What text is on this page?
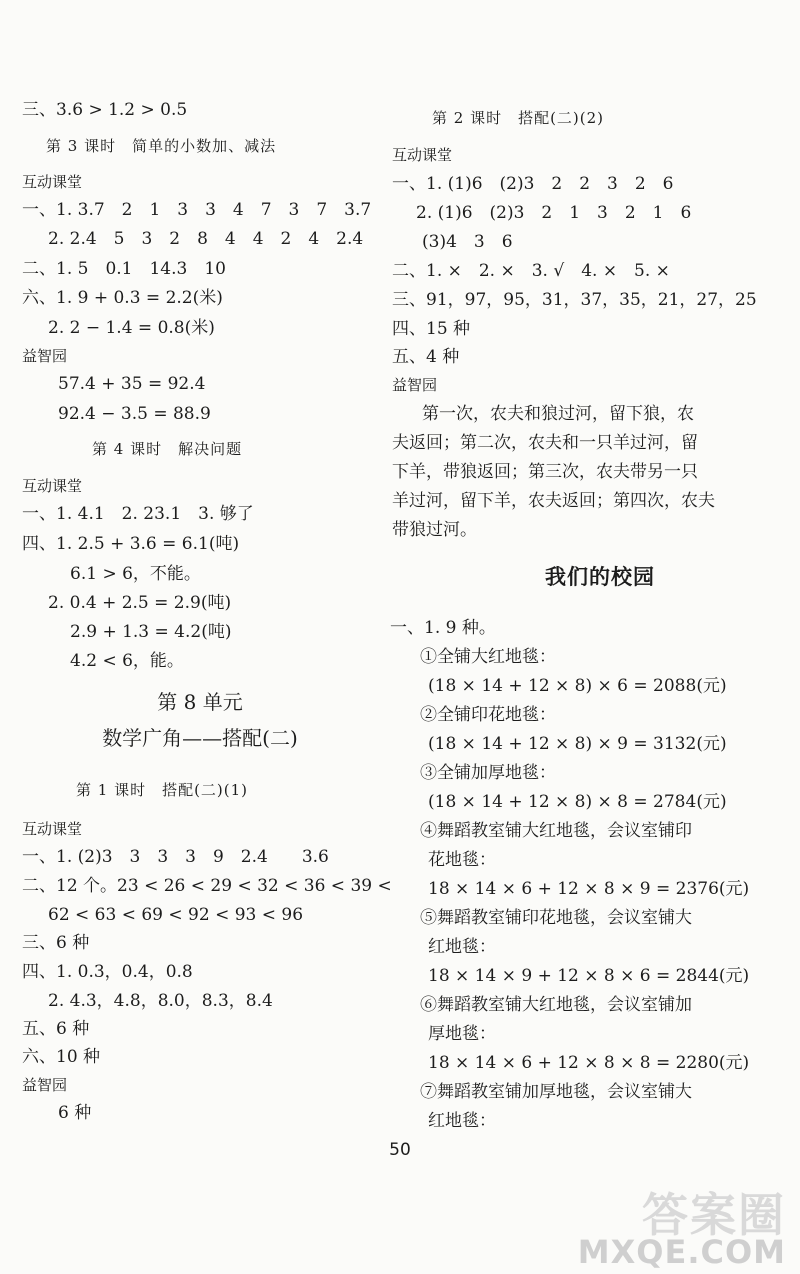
三、3.6 > 1.2 > 0.5
第 3 课时　简单的小数加、减法
互动课堂
一、1. 3.7　2　1　3　3　4　7　3　7　3.7
2. 2.4　5　3　2　8　4　4　2　4　2.4
二、1. 5　0.1　14.3　10
六、1. 9 + 0.3 = 2.2(米)
2. 2 − 1.4 = 0.8(米)
益智园
57.4 + 35 = 92.4
92.4 − 3.5 = 88.9
第 4 课时　解决问题
互动课堂
一、1. 4.1　2. 23.1　3. 够了
四、1. 2.5 + 3.6 = 6.1(吨)
6.1 > 6，不能。
2. 0.4 + 2.5 = 2.9(吨)
2.9 + 1.3 = 4.2(吨)
4.2 < 6，能。
第 8 单元
数学广角——搭配(二)
第 1 课时　搭配(二)(1)
互动课堂
一、1. (2)3　3　3　3　9　2.4　　3.6
二、12 个。23 < 26 < 29 < 32 < 36 < 39 <
62 < 63 < 69 < 92 < 93 < 96
三、6 种
四、1. 0.3，0.4，0.8
2. 4.3，4.8，8.0，8.3，8.4
五、6 种
六、10 种
益智园
6 种
第 2 课时　搭配(二)(2)
互动课堂
一、1. (1)6　(2)3　2　2　3　2　6
2. (1)6　(2)3　2　1　3　2　1　6
(3)4　3　6
二、1. ×　2. ×　3. √　4. ×　5. ×
三、91，97，95，31，37，35，21，27，25
四、15 种
五、4 种
益智园
第一次，农夫和狼过河，留下狼，农
夫返回；第二次，农夫和一只羊过河，留
下羊，带狼返回；第三次，农夫带另一只
羊过河，留下羊，农夫返回；第四次，农夫
带狼过河。
我们的校园
一、1. 9 种。
①全铺大红地毯：
(18 × 14 + 12 × 8) × 6 = 2088(元)
②全铺印花地毯：
(18 × 14 + 12 × 8) × 9 = 3132(元)
③全铺加厚地毯：
(18 × 14 + 12 × 8) × 8 = 2784(元)
④舞蹈教室铺大红地毯，会议室铺印
花地毯：
18 × 14 × 6 + 12 × 8 × 9 = 2376(元)
⑤舞蹈教室铺印花地毯，会议室铺大
红地毯：
18 × 14 × 9 + 12 × 8 × 6 = 2844(元)
⑥舞蹈教室铺大红地毯，会议室铺加
厚地毯：
18 × 14 × 6 + 12 × 8 × 8 = 2280(元)
⑦舞蹈教室铺加厚地毯，会议室铺大
红地毯：
50
答案圈
MXQE.COM
